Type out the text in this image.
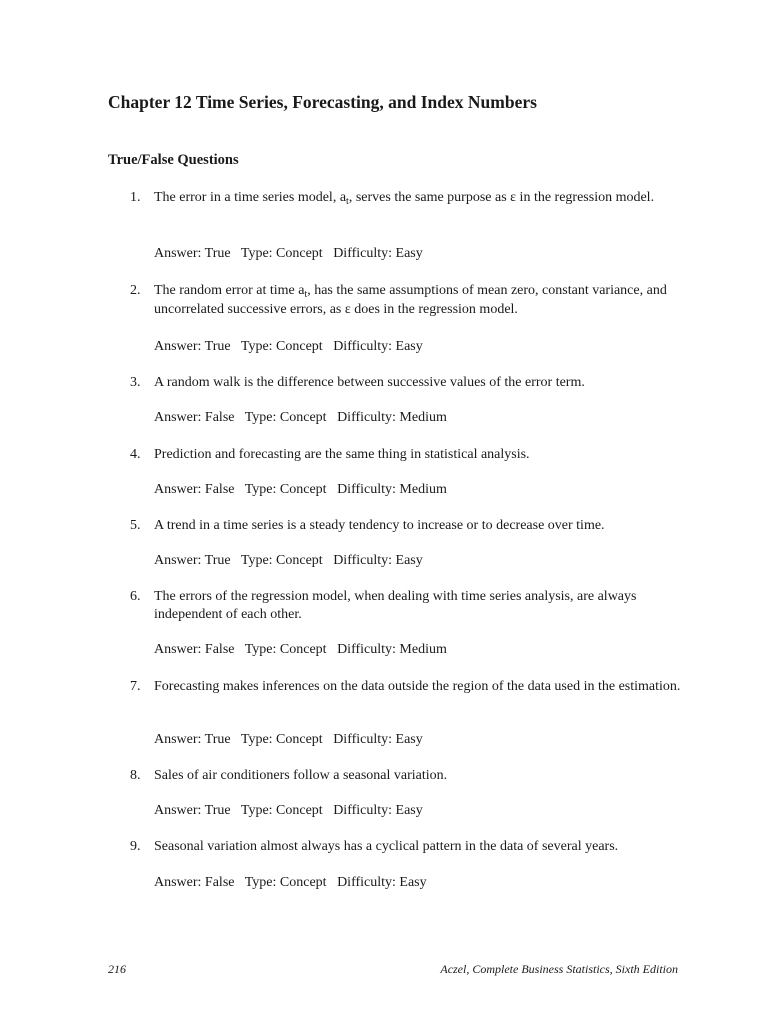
Chapter 12 Time Series, Forecasting, and Index Numbers
True/False Questions
1. The error in a time series model, $a_t$, serves the same purpose as ε in the regression model.

Answer: True   Type: Concept   Difficulty: Easy

2. The random error at time $a_t$, has the same assumptions of mean zero, constant variance, and uncorrelated successive errors, as ε does in the regression model.

Answer: True   Type: Concept   Difficulty: Easy

3. A random walk is the difference between successive values of the error term.

Answer: False   Type: Concept   Difficulty: Medium

4. Prediction and forecasting are the same thing in statistical analysis.

Answer: False   Type: Concept   Difficulty: Medium

5. A trend in a time series is a steady tendency to increase or to decrease over time.

Answer: True   Type: Concept   Difficulty: Easy

6. The errors of the regression model, when dealing with time series analysis, are always independent of each other.

Answer: False   Type: Concept   Difficulty: Medium

7. Forecasting makes inferences on the data outside the region of the data used in the estimation.

Answer: True   Type: Concept   Difficulty: Easy

8. Sales of air conditioners follow a seasonal variation.

Answer: True   Type: Concept   Difficulty: Easy

9. Seasonal variation almost always has a cyclical pattern in the data of several years.

Answer: False   Type: Concept   Difficulty: Easy

216	Aczel, Complete Business Statistics, Sixth Edition
